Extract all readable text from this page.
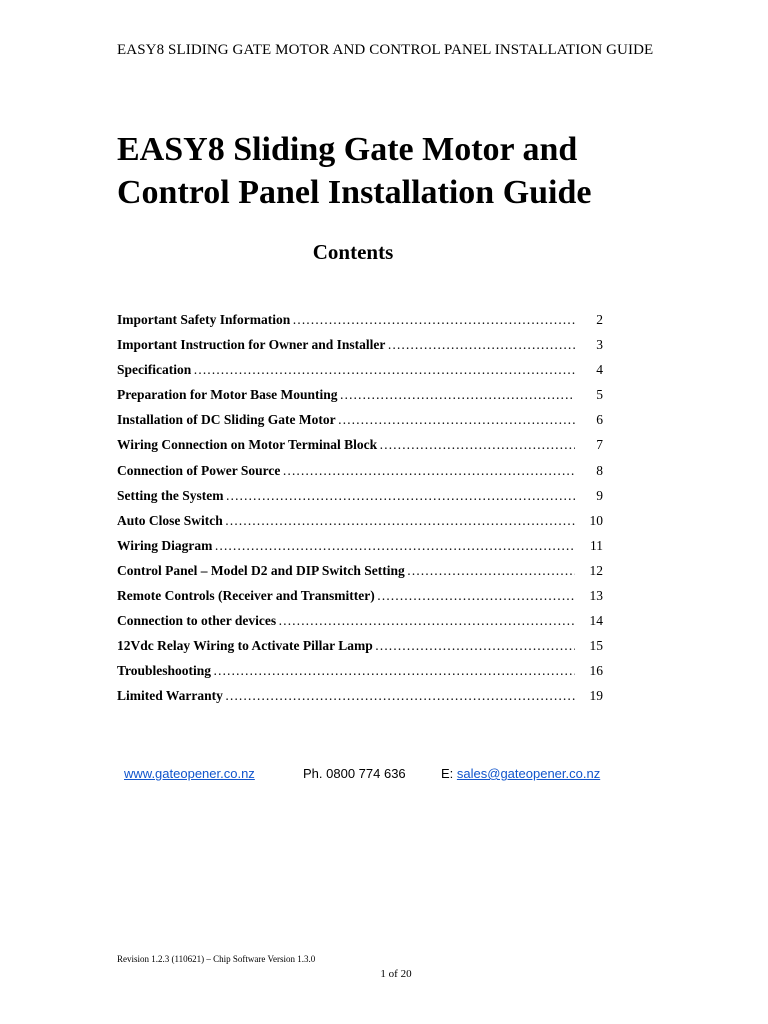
EASY8 SLIDING GATE MOTOR AND CONTROL PANEL INSTALLATION GUIDE
EASY8 Sliding Gate Motor and Control Panel Installation Guide
Contents
Important Safety Information …………………………………………………………………………………………………………………………………………………………………………	2
Important Instruction for Owner and Installer …………………………………………………………………………………………………………………………………………………………………………	3
Specification …………………………………………………………………………………………………………………………………………………………………………	4
Preparation for Motor Base Mounting …………………………………………………………………………………………………………………………………………………………………………	5
Installation of DC Sliding Gate Motor …………………………………………………………………………………………………………………………………………………………………………	6
Wiring Connection on Motor Terminal Block …………………………………………………………………………………………………………………………………………………………………………	7
Connection of Power Source …………………………………………………………………………………………………………………………………………………………………………	8
Setting the System …………………………………………………………………………………………………………………………………………………………………………	9
Auto Close Switch …………………………………………………………………………………………………………………………………………………………………………	10
Wiring Diagram …………………………………………………………………………………………………………………………………………………………………………	11
Control Panel – Model D2 and DIP Switch Setting …………………………………………………………………………………………………………………………………………………………………………	12
Remote Controls (Receiver and Transmitter) …………………………………………………………………………………………………………………………………………………………………………	13
Connection to other devices …………………………………………………………………………………………………………………………………………………………………………	14
12Vdc Relay Wiring to Activate Pillar Lamp …………………………………………………………………………………………………………………………………………………………………………	15
Troubleshooting …………………………………………………………………………………………………………………………………………………………………………	16
Limited Warranty …………………………………………………………………………………………………………………………………………………………………………	19
www.gateopener.co.nz	Ph. 0800 774 636	E: sales@gateopener.co.nz
Revision 1.2.3 (110621) – Chip Software Version 1.3.0
1 of 20
